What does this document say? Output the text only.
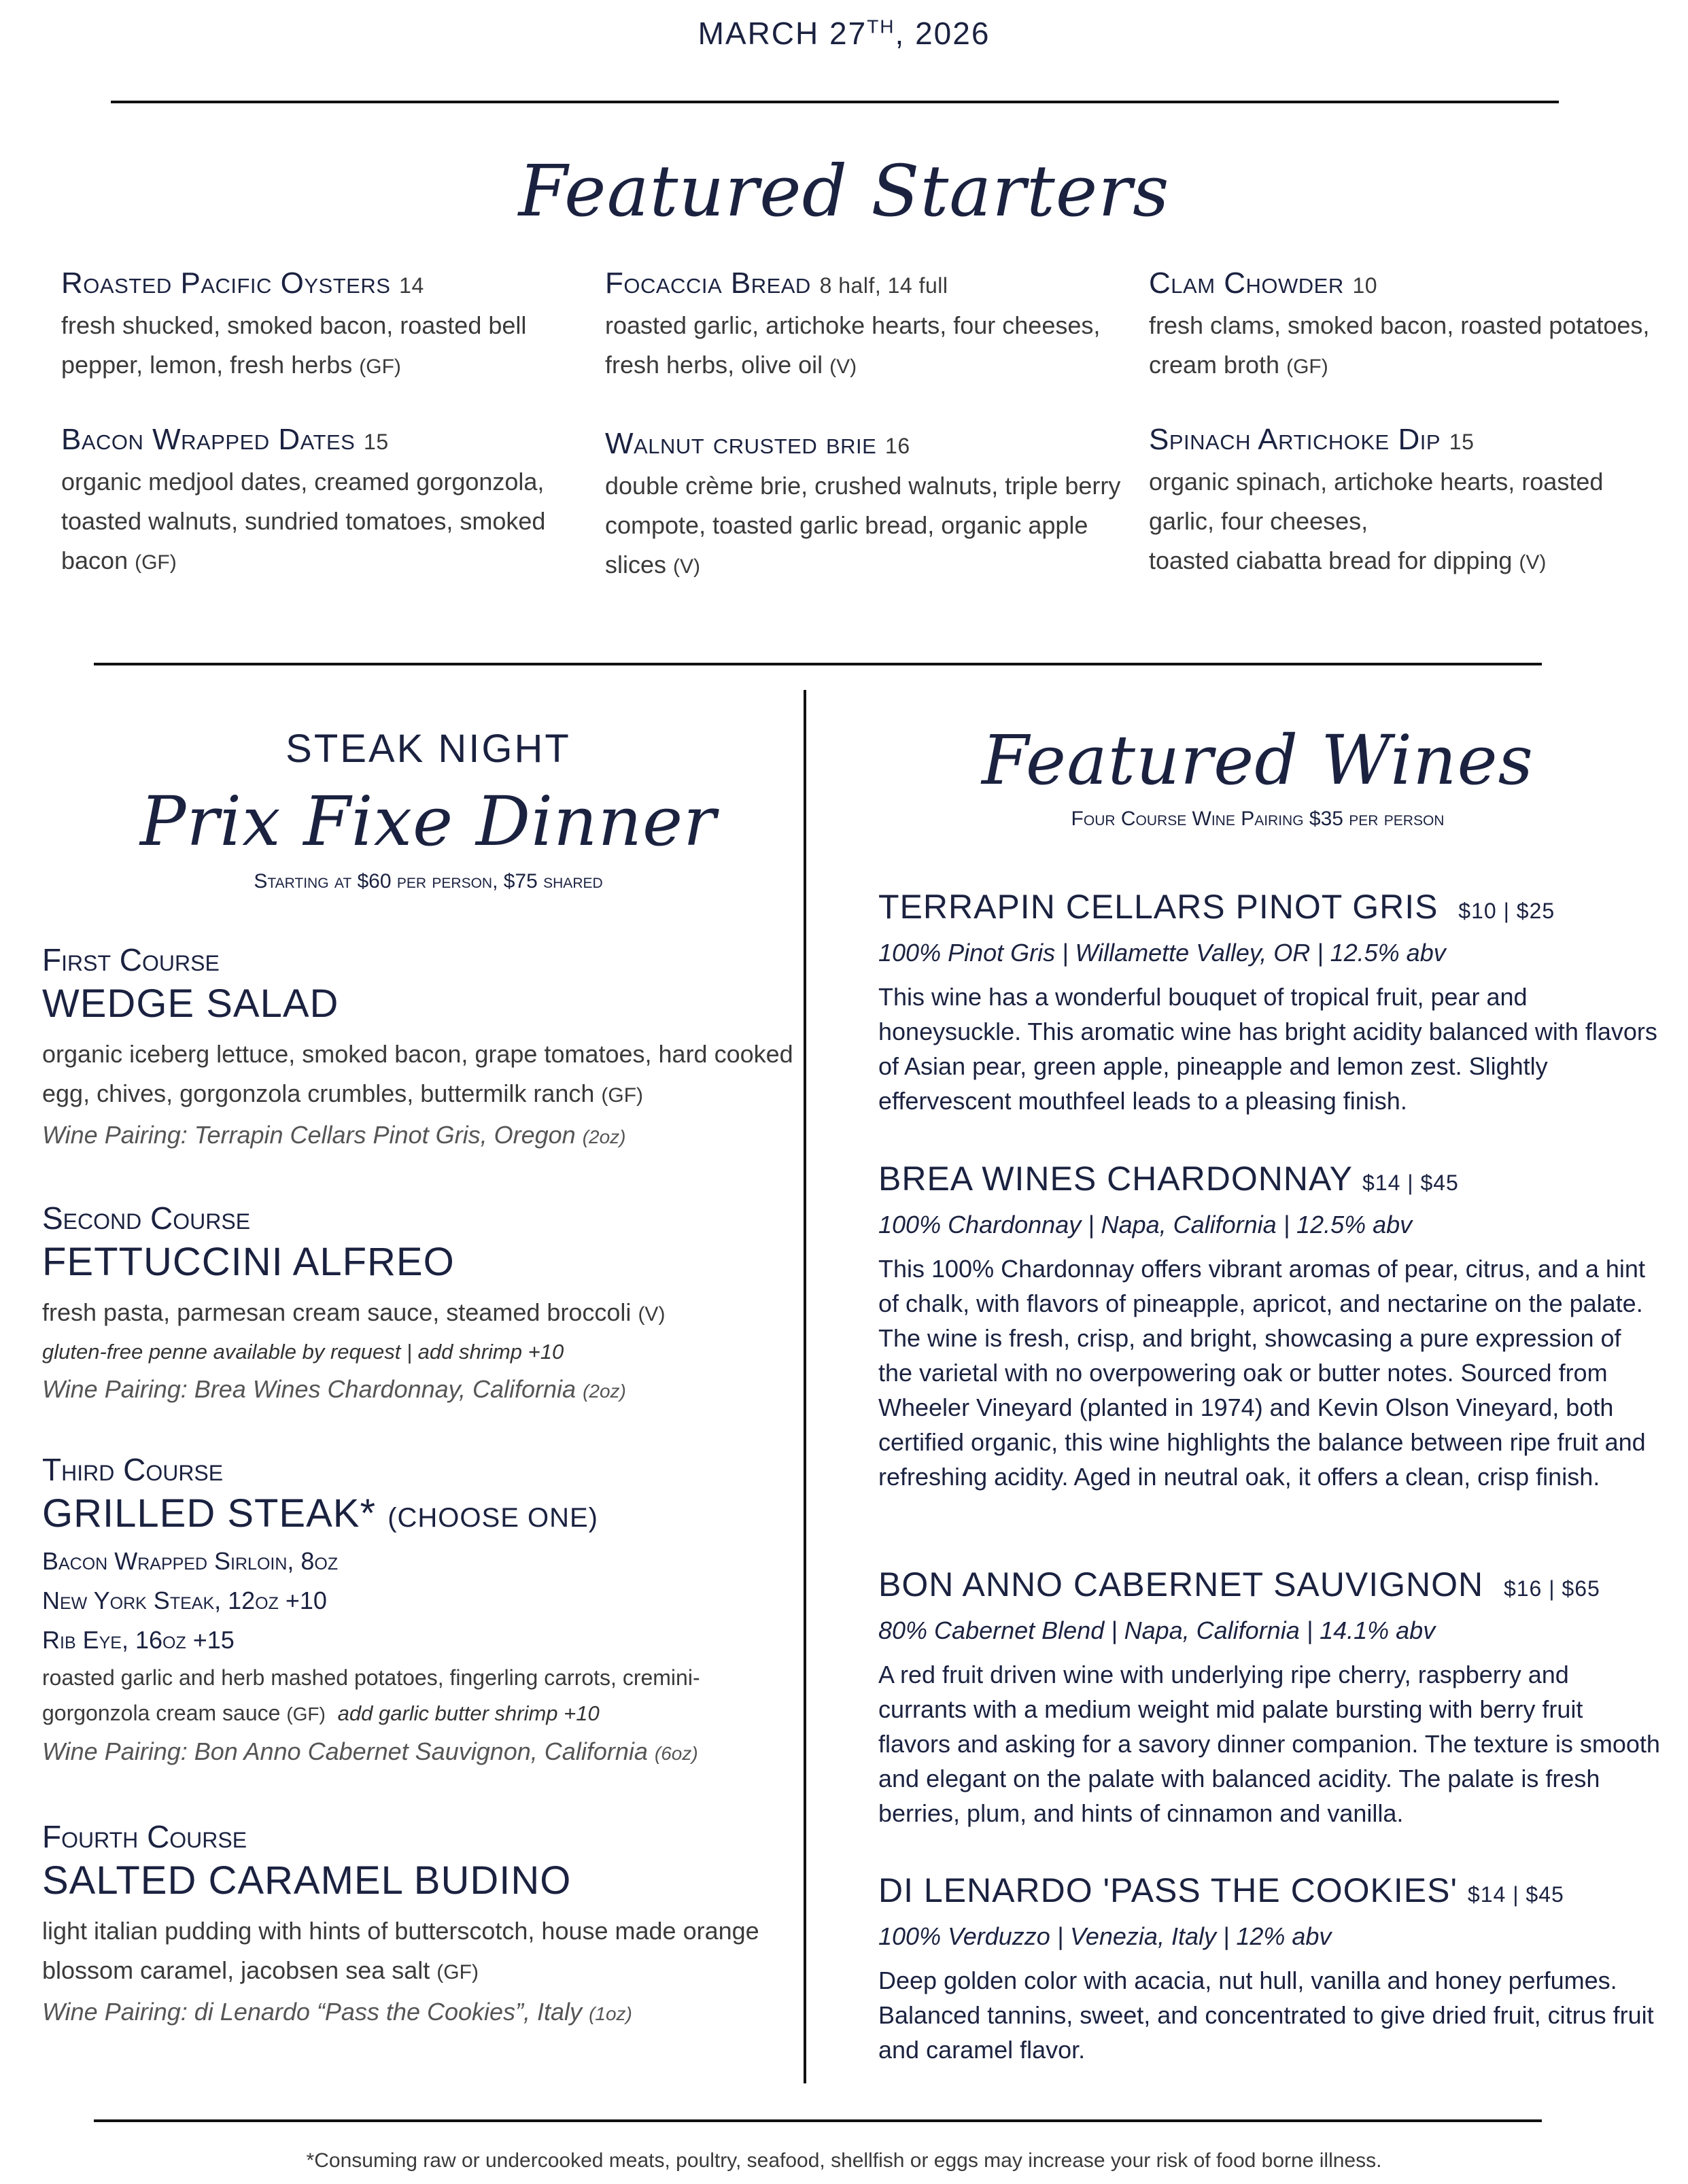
MARCH 27TH, 2026
Featured Starters
Roasted Pacific Oysters 14
fresh shucked, smoked bacon, roasted bell pepper, lemon, fresh herbs (GF)
Focaccia Bread 8 half, 14 full
roasted garlic, artichoke hearts, four cheeses, fresh herbs, olive oil (V)
Clam Chowder 10
fresh clams, smoked bacon, roasted potatoes, cream broth (GF)
Bacon Wrapped Dates 15
organic medjool dates, creamed gorgonzola, toasted walnuts, sundried tomatoes, smoked bacon (GF)
Walnut crusted brie 16
double crème brie, crushed walnuts, triple berry compote, toasted garlic bread, organic apple slices (V)
Spinach Artichoke Dip 15
organic spinach, artichoke hearts, roasted garlic, four cheeses,
toasted ciabatta bread for dipping (V)
STEAK NIGHT
Prix Fixe Dinner
Starting at $60 per person, $75 shared
First Course
WEDGE SALAD
organic iceberg lettuce, smoked bacon, grape tomatoes, hard cooked egg, chives, gorgonzola crumbles, buttermilk ranch (GF)
Wine Pairing: Terrapin Cellars Pinot Gris, Oregon (2oz)
Second Course
FETTUCCINI ALFREO
fresh pasta, parmesan cream sauce, steamed broccoli (V)
gluten-free penne available by request | add shrimp +10
Wine Pairing: Brea Wines Chardonnay, California (2oz)
Third Course
GRILLED STEAK* (CHOOSE ONE)
Bacon Wrapped Sirloin, 8oz
New York Steak, 12oz +10
Rib Eye, 16oz +15
roasted garlic and herb mashed potatoes, fingerling carrots, cremini-gorgonzola cream sauce (GF) add garlic butter shrimp +10
Wine Pairing: Bon Anno Cabernet Sauvignon, California (6oz)
Fourth Course
SALTED CARAMEL BUDINO
light italian pudding with hints of butterscotch, house made orange blossom caramel, jacobsen sea salt (GF)
Wine Pairing: di Lenardo “Pass the Cookies”, Italy (1oz)
Featured Wines
Four Course Wine Pairing $35 per person
TERRAPIN CELLARS PINOT GRIS $10 | $25
100% Pinot Gris | Willamette Valley, OR | 12.5% abv
This wine has a wonderful bouquet of tropical fruit, pear and honeysuckle. This aromatic wine has bright acidity balanced with flavors of Asian pear, green apple, pineapple and lemon zest. Slightly effervescent mouthfeel leads to a pleasing finish.
BREA WINES CHARDONNAY $14 | $45
100% Chardonnay | Napa, California | 12.5% abv
This 100% Chardonnay offers vibrant aromas of pear, citrus, and a hint of chalk, with flavors of pineapple, apricot, and nectarine on the palate. The wine is fresh, crisp, and bright, showcasing a pure expression of the varietal with no overpowering oak or butter notes. Sourced from Wheeler Vineyard (planted in 1974) and Kevin Olson Vineyard, both certified organic, this wine highlights the balance between ripe fruit and refreshing acidity. Aged in neutral oak, it offers a clean, crisp finish.
BON ANNO CABERNET SAUVIGNON $16 | $65
80% Cabernet Blend | Napa, California | 14.1% abv
A red fruit driven wine with underlying ripe cherry, raspberry and currants with a medium weight mid palate bursting with berry fruit flavors and asking for a savory dinner companion. The texture is smooth and elegant on the palate with balanced acidity. The palate is fresh berries, plum, and hints of cinnamon and vanilla.
DI LENARDO 'PASS THE COOKIES' $14 | $45
100% Verduzzo | Venezia, Italy | 12% abv
Deep golden color with acacia, nut hull, vanilla and honey perfumes. Balanced tannins, sweet, and concentrated to give dried fruit, citrus fruit and caramel flavor.
*Consuming raw or undercooked meats, poultry, seafood, shellfish or eggs may increase your risk of food borne illness.
